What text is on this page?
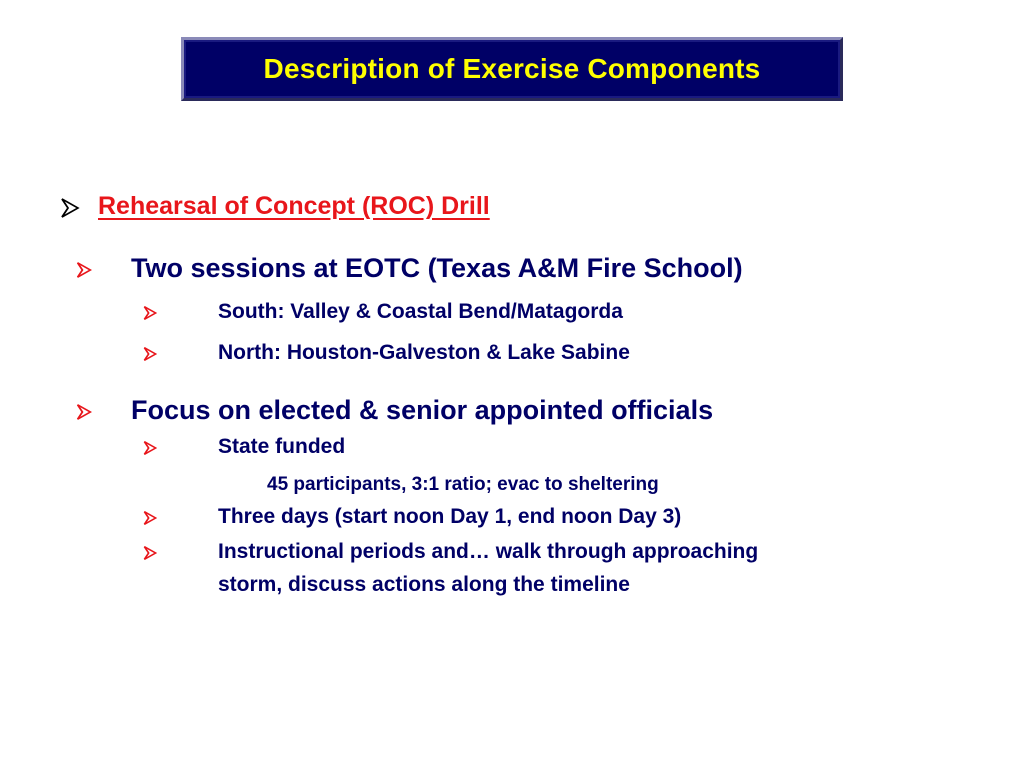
Description of Exercise Components
Rehearsal of Concept (ROC) Drill
Two sessions at EOTC (Texas A&M Fire School)
South: Valley & Coastal Bend/Matagorda
North: Houston-Galveston & Lake Sabine
Focus on elected & senior appointed officials
State funded
45 participants, 3:1 ratio; evac to sheltering
Three days (start noon Day 1, end noon Day 3)
Instructional periods and… walk through approaching
storm, discuss actions along the timeline
